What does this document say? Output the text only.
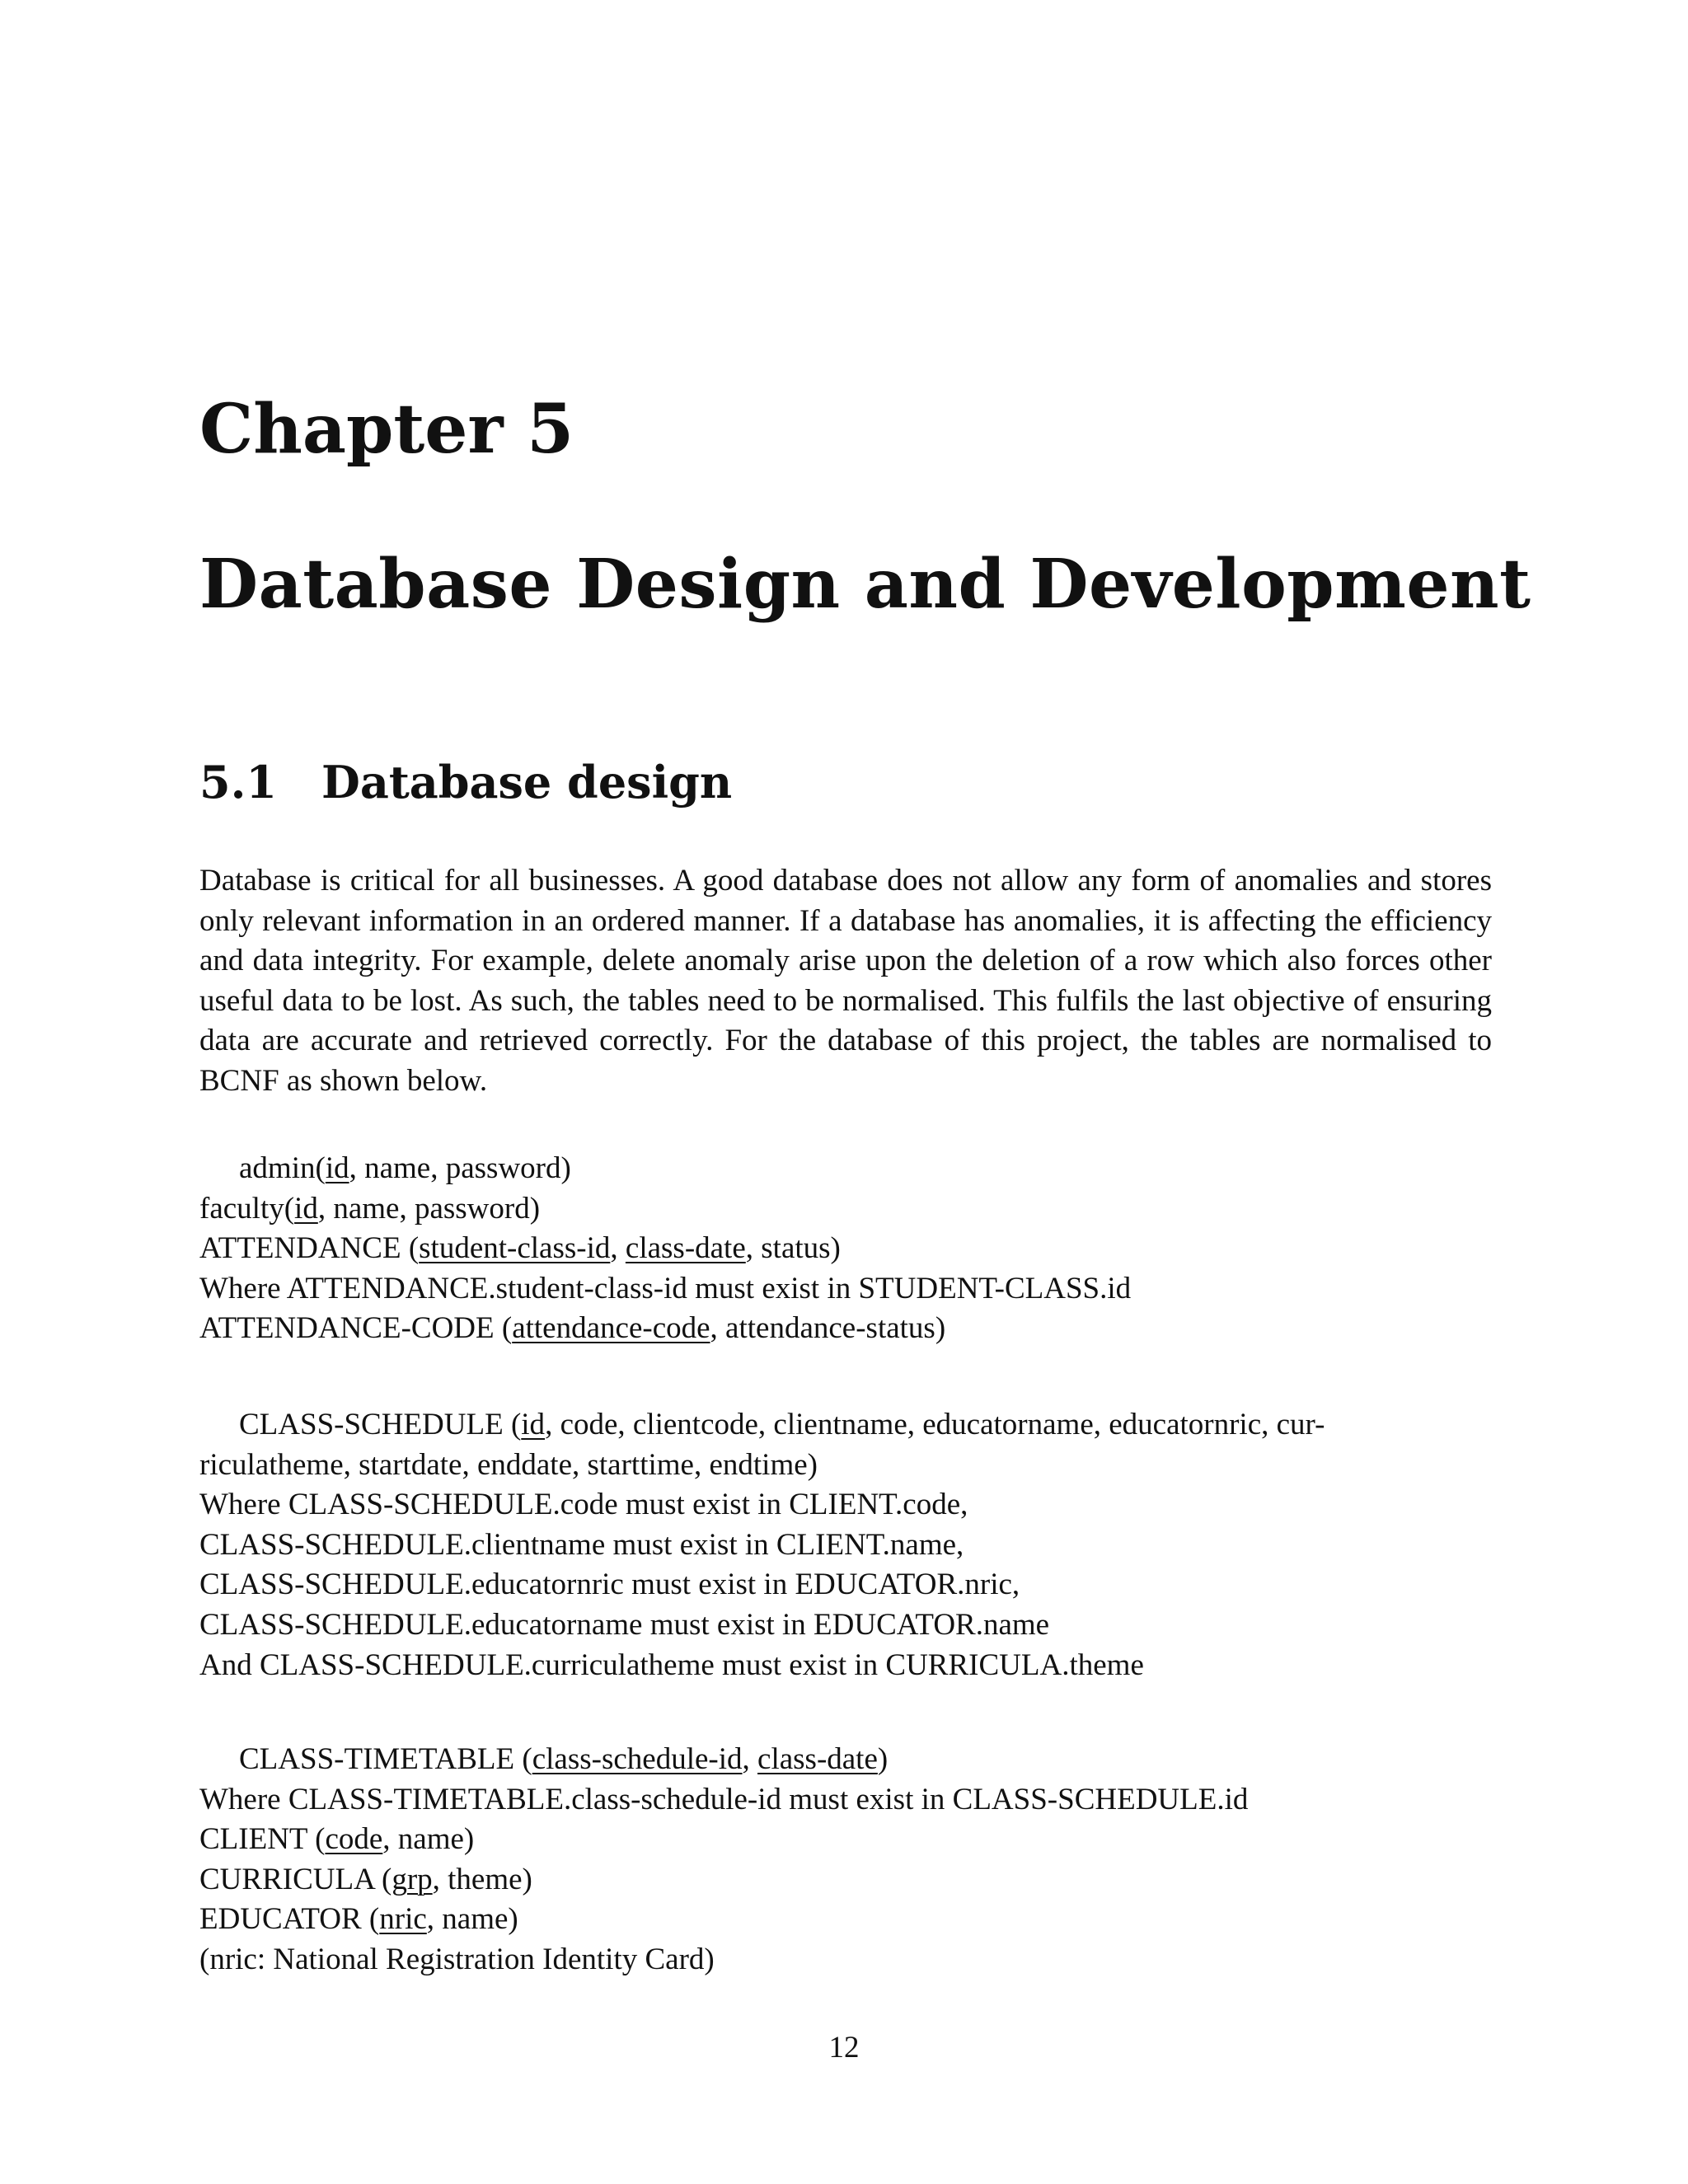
Chapter 5
Database Design and Development
5.1 Database design

Database is critical for all businesses. A good database does not allow any form of anomalies and stores only relevant information in an ordered manner. If a database has anomalies, it is affecting the efficiency and data integrity. For example, delete anomaly arise upon the deletion of a row which also forces other useful data to be lost. As such, the tables need to be normalised. This fulfils the last objective of ensuring data are accurate and retrieved correctly. For the database of this project, the tables are normalised to BCNF as shown below.

admin(id, name, password)
faculty(id, name, password)
ATTENDANCE (student-class-id, class-date, status)
Where ATTENDANCE.student-class-id must exist in STUDENT-CLASS.id
ATTENDANCE-CODE (attendance-code, attendance-status)
CLASS-SCHEDULE (id, code, clientcode, clientname, educatorname, educatornric, cur-
riculatheme, startdate, enddate, starttime, endtime)
Where CLASS-SCHEDULE.code must exist in CLIENT.code,
CLASS-SCHEDULE.clientname must exist in CLIENT.name,
CLASS-SCHEDULE.educatornric must exist in EDUCATOR.nric,
CLASS-SCHEDULE.educatorname must exist in EDUCATOR.name
And CLASS-SCHEDULE.curriculatheme must exist in CURRICULA.theme
CLASS-TIMETABLE (class-schedule-id, class-date)
Where CLASS-TIMETABLE.class-schedule-id must exist in CLASS-SCHEDULE.id
CLIENT (code, name)
CURRICULA (grp, theme)
EDUCATOR (nric, name)
(nric: National Registration Identity Card)
12
